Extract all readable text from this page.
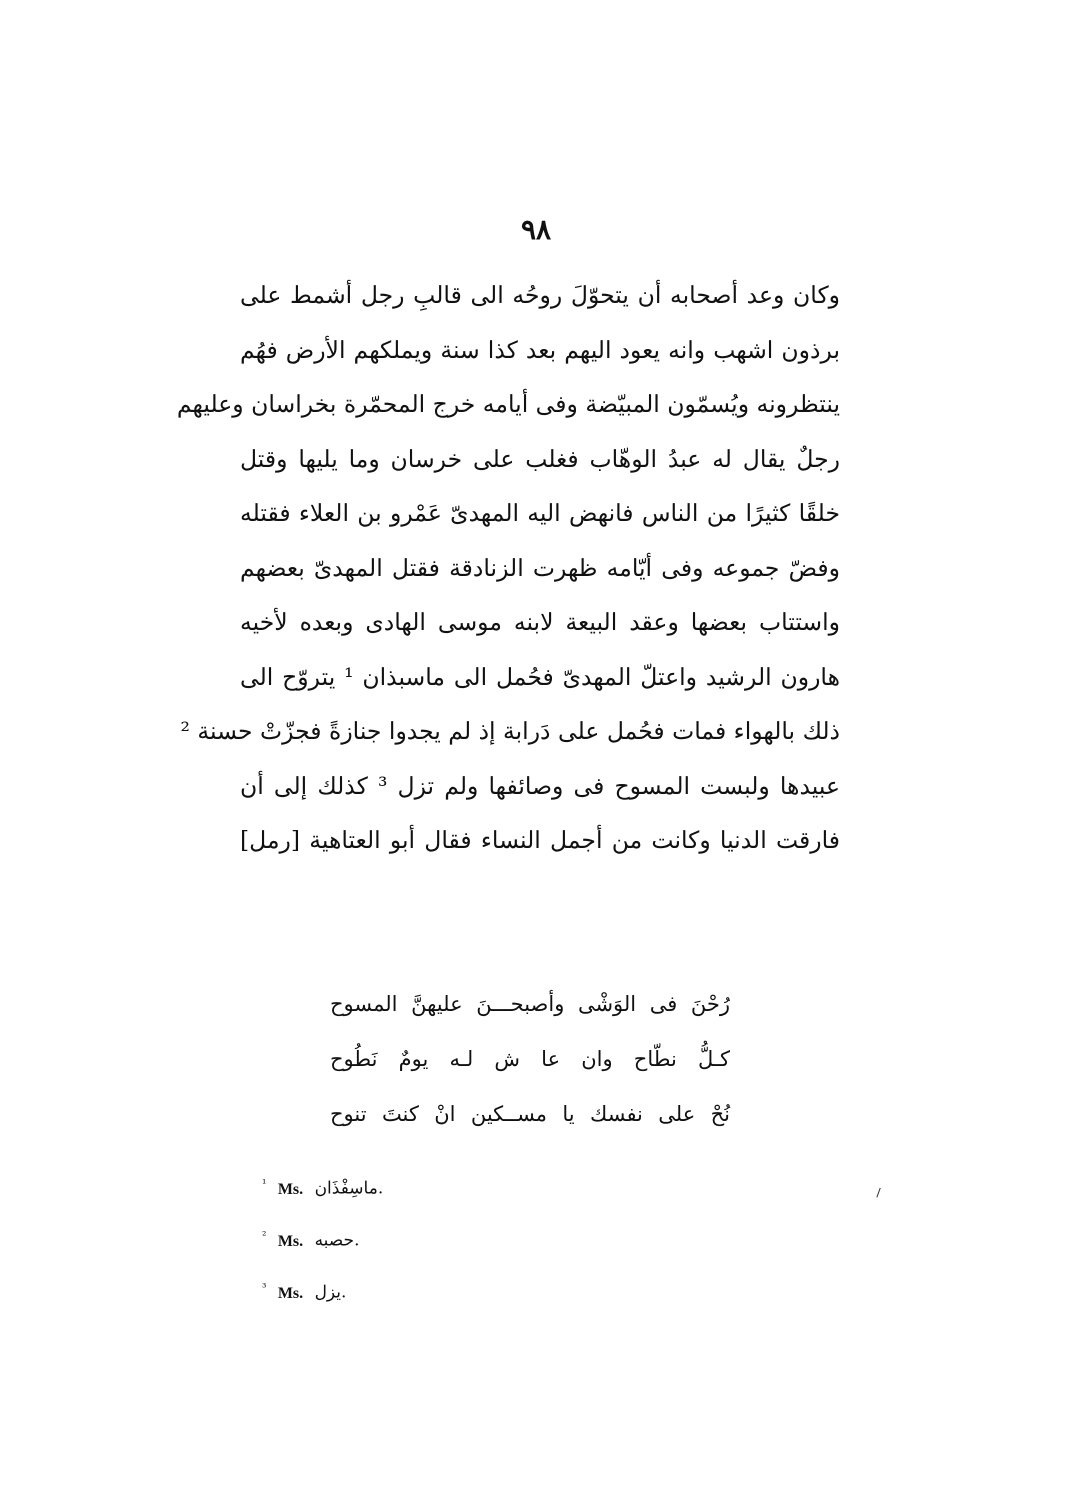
٩٨
وكان وعد أصحابه أن يتحوّلَ روحُه الى قالبِ رجل أشمط على
برذون اشهب وانه يعود اليهم بعد كذا سنة ويملكهم الأرض فهُم
ينتظرونه ويُسمّون المبيّضة وفى أيامه خرج المحمّرة بخراسان وعليهم
رجلٌ يقال له عبدُ الوهّاب فغلب على خرسان وما يليها وقتل
خلقًا كثيرًا من الناس فانهض اليه المهدىّ عَمْرو بن العلاء فقتله
وفضّ جموعه وفى أيّامه ظهرت الزنادقة فقتل المهدىّ بعضهم
واستتاب بعضها وعقد البيعة لابنه موسى الهادى وبعده لأخيه
هارون الرشيد واعتلّ المهدىّ فحُمل الى ماسبذان ¹ يتروّح الى
ذلك بالهواء فمات فحُمل على دَرابة إذ لم يجدوا جنازةً فجزّتْ حسنة ²
عبيدها ولبست المسوح فى وصائفها ولم تزل ³ كذلك إلى أن
فارقت الدنيا وكانت من أجمل النساء فقال أبو العتاهية [رمل]
رُحْنَ فى الوَشْى وأصبحـــنَ عليهنَّ المسوح
كـلُّ نطّاح وان عا ش لـه يومٌ نَطُوح
نُحْ على نفسك يا مســكين انْ كنتَ تنوح
$^{^1}$ Ms. ماسِفْذَان.
$^{^2}$ Ms. حصبه.
$^{^3}$ Ms. يزل.
